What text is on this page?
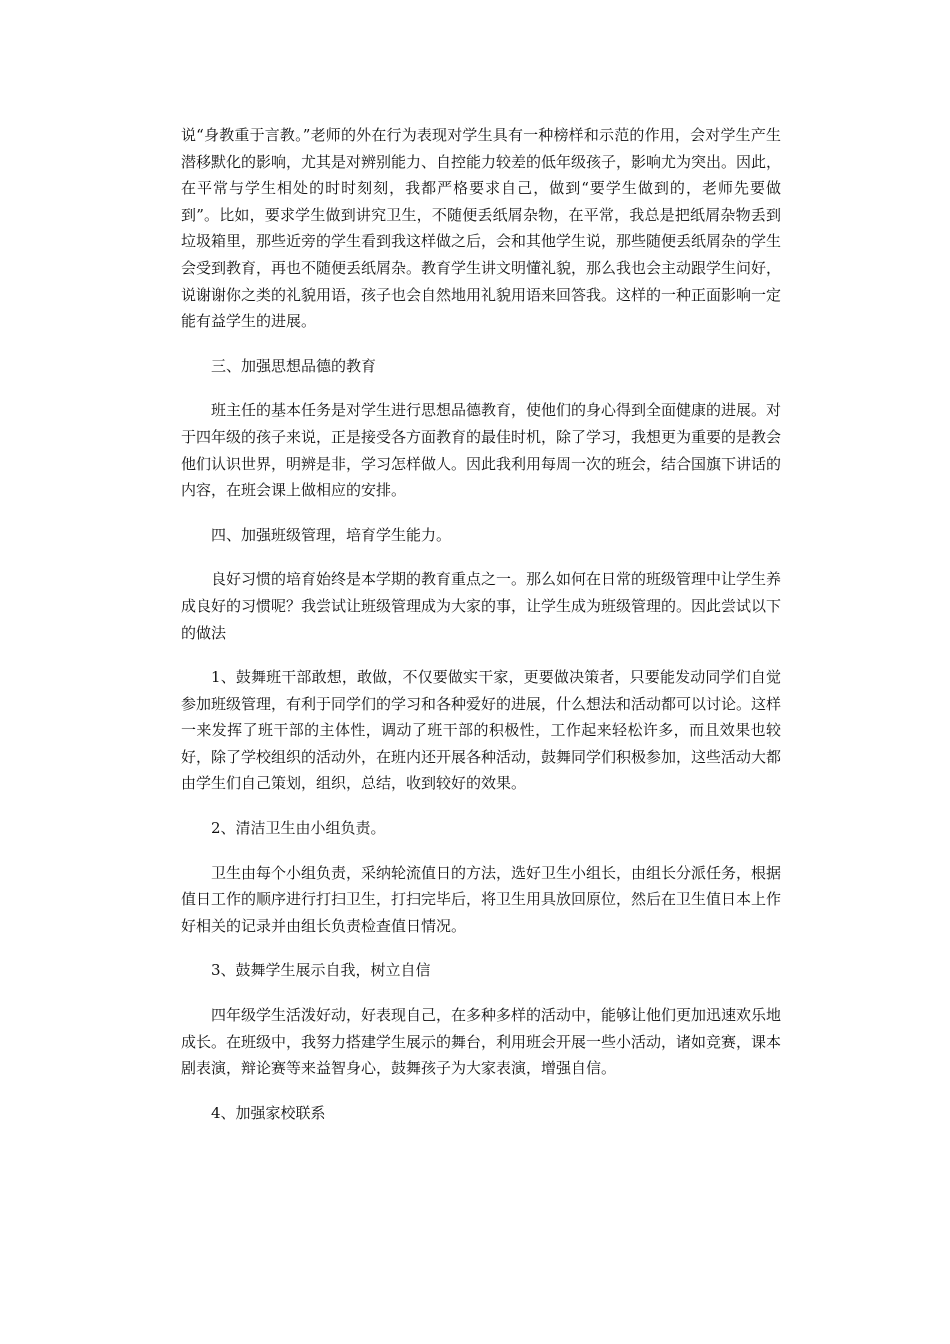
说“身教重于言教。”老师的外在行为表现对学生具有一种榜样和示范的作用，会对学生产生潜移默化的影响，尤其是对辨别能力、自控能力较差的低年级孩子，影响尤为突出。因此，在平常与学生相处的时时刻刻，我都严格要求自己，做到“要学生做到的，老师先要做到”。比如，要求学生做到讲究卫生，不随便丢纸屑杂物，在平常，我总是把纸屑杂物丢到垃圾箱里，那些近旁的学生看到我这样做之后，会和其他学生说，那些随便丢纸屑杂的学生会受到教育，再也不随便丢纸屑杂。教育学生讲文明懂礼貌，那么我也会主动跟学生问好，说谢谢你之类的礼貌用语，孩子也会自然地用礼貌用语来回答我。这样的一种正面影响一定能有益学生的进展。

三、加强思想品德的教育

班主任的基本任务是对学生进行思想品德教育，使他们的身心得到全面健康的进展。对于四年级的孩子来说，正是接受各方面教育的最佳时机，除了学习，我想更为重要的是教会他们认识世界，明辨是非，学习怎样做人。因此我利用每周一次的班会，结合国旗下讲话的内容，在班会课上做相应的安排。

四、加强班级管理，培育学生能力。

良好习惯的培育始终是本学期的教育重点之一。那么如何在日常的班级管理中让学生养成良好的习惯呢？我尝试让班级管理成为大家的事，让学生成为班级管理的。因此尝试以下的做法

1、鼓舞班干部敢想，敢做，不仅要做实干家，更要做决策者，只要能发动同学们自觉参加班级管理，有利于同学们的学习和各种爱好的进展，什么想法和活动都可以讨论。这样一来发挥了班干部的主体性，调动了班干部的积极性，工作起来轻松许多，而且效果也较好，除了学校组织的活动外，在班内还开展各种活动，鼓舞同学们积极参加，这些活动大都由学生们自己策划，组织，总结，收到较好的效果。

2、清洁卫生由小组负责。

卫生由每个小组负责，采纳轮流值日的方法，选好卫生小组长，由组长分派任务，根据值日工作的顺序进行打扫卫生，打扫完毕后，将卫生用具放回原位，然后在卫生值日本上作好相关的记录并由组长负责检查值日情况。

3、鼓舞学生展示自我，树立自信

四年级学生活泼好动，好表现自己，在多种多样的活动中，能够让他们更加迅速欢乐地成长。在班级中，我努力搭建学生展示的舞台，利用班会开展一些小活动，诸如竞赛，课本剧表演，辩论赛等来益智身心，鼓舞孩子为大家表演，增强自信。

4、加强家校联系
